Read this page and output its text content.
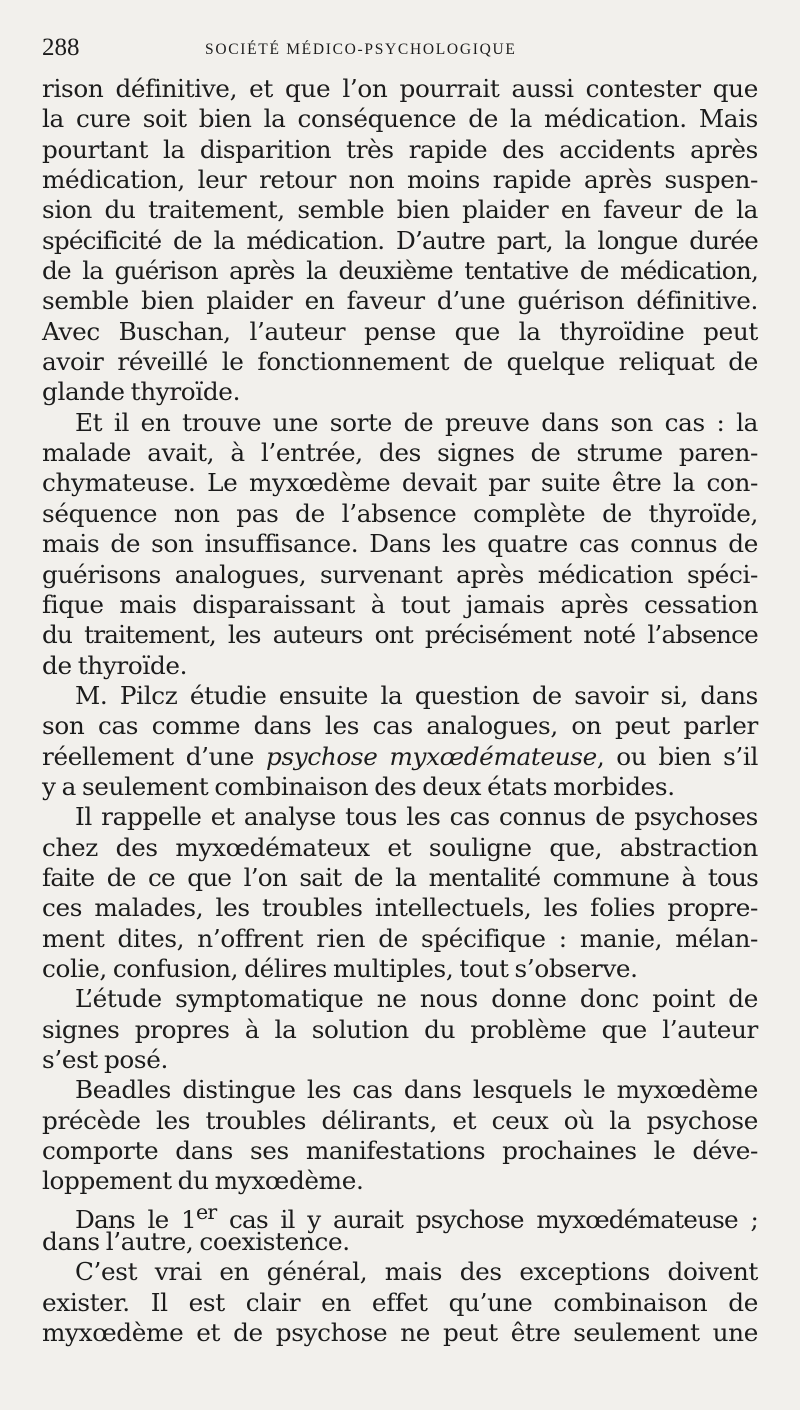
288	SOCIÉTÉ MÉDICO-PSYCHOLOGIQUE
rison définitive, et que l’on pourrait aussi contester que
la cure soit bien la conséquence de la médication. Mais
pourtant la disparition très rapide des accidents après
médication, leur retour non moins rapide après suspen-
sion du traitement, semble bien plaider en faveur de la
spécificité de la médication. D’autre part, la longue durée
de la guérison après la deuxième tentative de médication,
semble bien plaider en faveur d’une guérison définitive.
Avec Buschan, l’auteur pense que la thyroïdine peut
avoir réveillé le fonctionnement de quelque reliquat de
glande thyroïde.
Et il en trouve une sorte de preuve dans son cas : la
malade avait, à l’entrée, des signes de strume paren-
chymateuse. Le myxœdème devait par suite être la con-
séquence non pas de l’absence complète de thyroïde,
mais de son insuffisance. Dans les quatre cas connus de
guérisons analogues, survenant après médication spéci-
fique mais disparaissant à tout jamais après cessation
du traitement, les auteurs ont précisément noté l’absence
de thyroïde.
M. Pilcz étudie ensuite la question de savoir si, dans
son cas comme dans les cas analogues, on peut parler
réellement d’une psychose myxœdémateuse, ou bien s’il
y a seulement combinaison des deux états morbides.
Il rappelle et analyse tous les cas connus de psychoses
chez des myxœdémateux et souligne que, abstraction
faite de ce que l’on sait de la mentalité commune à tous
ces malades, les troubles intellectuels, les folies propre-
ment dites, n’offrent rien de spécifique : manie, mélan-
colie, confusion, délires multiples, tout s’observe.
L’étude symptomatique ne nous donne donc point de
signes propres à la solution du problème que l’auteur
s’est posé.
Beadles distingue les cas dans lesquels le myxœdème
précède les troubles délirants, et ceux où la psychose
comporte dans ses manifestations prochaines le déve-
loppement du myxœdème.
Dans le 1er cas il y aurait psychose myxœdémateuse ;
dans l’autre, coexistence.
C’est vrai en général, mais des exceptions doivent
exister. Il est clair en effet qu’une combinaison de
myxœdème et de psychose ne peut être seulement une
